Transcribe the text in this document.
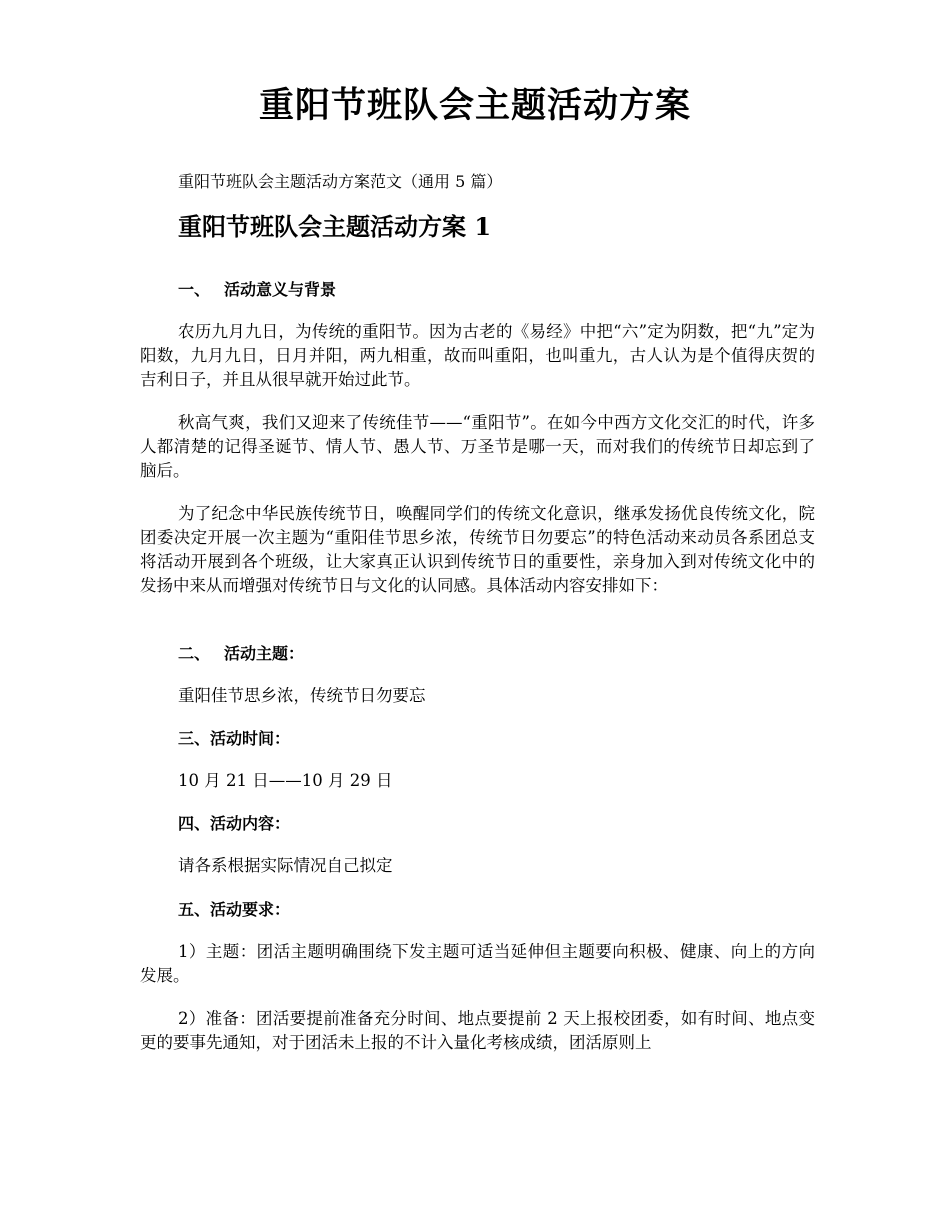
重阳节班队会主题活动方案

重阳节班队会主题活动方案范文（通用 5 篇）

重阳节班队会主题活动方案 1

一、 活动意义与背景

农历九月九日，为传统的重阳节。因为古老的《易经》中把“六”定为阴数，把“九”定为阳数，九月九日，日月并阳，两九相重，故而叫重阳，也叫重九，古人认为是个值得庆贺的吉利日子，并且从很早就开始过此节。

秋高气爽，我们又迎来了传统佳节——“重阳节”。在如今中西方文化交汇的时代，许多人都清楚的记得圣诞节、情人节、愚人节、万圣节是哪一天，而对我们的传统节日却忘到了脑后。

为了纪念中华民族传统节日，唤醒同学们的传统文化意识，继承发扬优良传统文化，院团委决定开展一次主题为“重阳佳节思乡浓，传统节日勿要忘”的特色活动来动员各系团总支将活动开展到各个班级，让大家真正认识到传统节日的重要性，亲身加入到对传统文化中的发扬中来从而增强对传统节日与文化的认同感。具体活动内容安排如下：

二、 活动主题：

重阳佳节思乡浓，传统节日勿要忘

三、活动时间：

10 月 21 日——10 月 29 日

四、活动内容：

请各系根据实际情况自己拟定

五、活动要求：

1）主题：团活主题明确围绕下发主题可适当延伸但主题要向积极、健康、向上的方向发展。

2）准备：团活要提前准备充分时间、地点要提前 2 天上报校团委，如有时间、地点变更的要事先通知，对于团活未上报的不计入量化考核成绩，团活原则上
